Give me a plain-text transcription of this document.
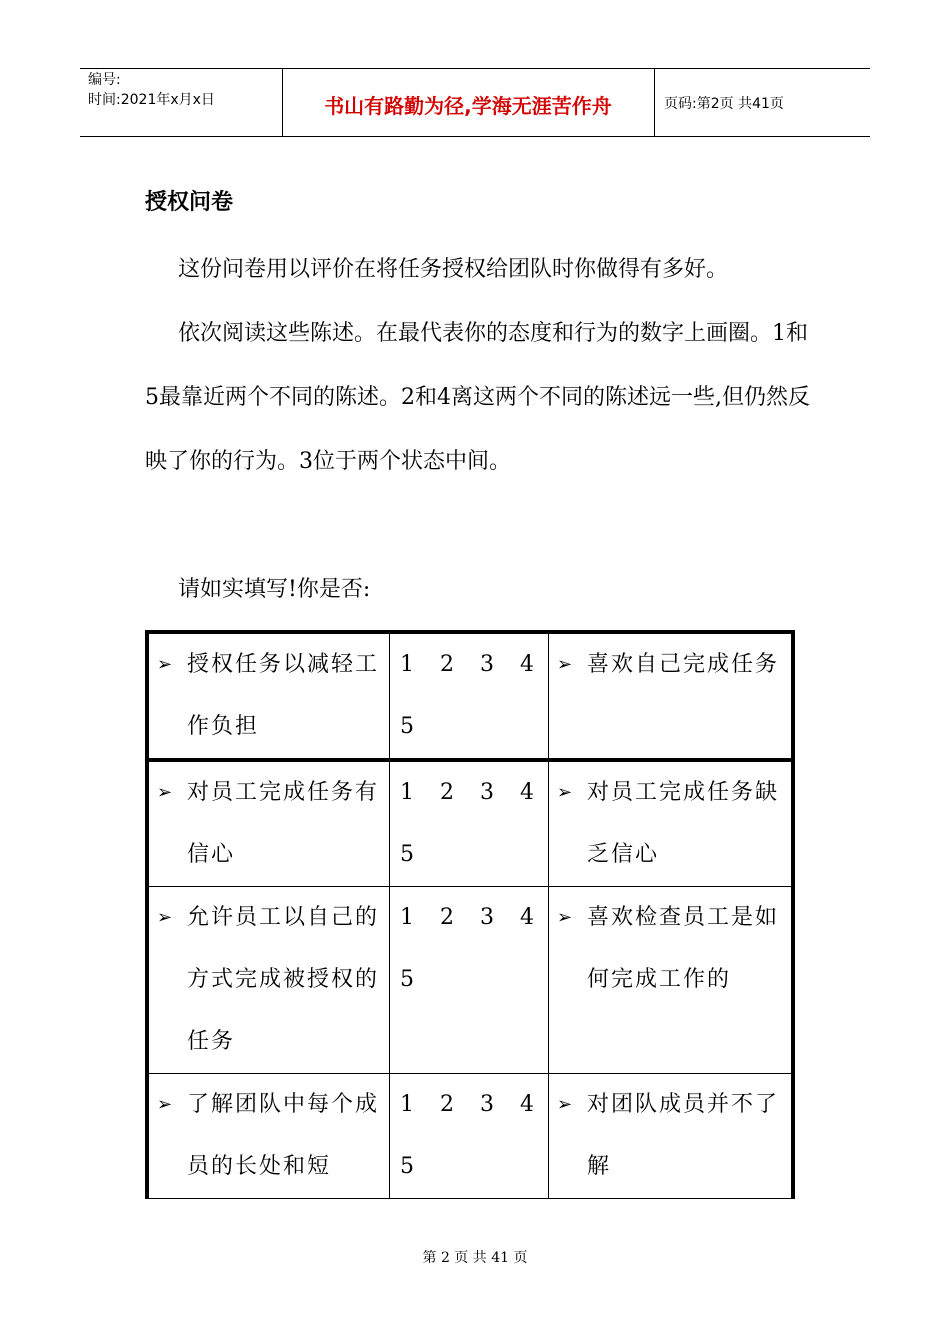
编号:
时间:2021年x月x日	书山有路勤为径,学海无涯苦作舟	页码:第2页 共41页
授权问卷

这份问卷用以评价在将任务授权给团队时你做得有多好。

依次阅读这些陈述。在最代表你的态度和行为的数字上画圈。1和5最靠近两个不同的陈述。2和4离这两个不同的陈述远一些,但仍然反映了你的行为。3位于两个状态中间。

请如实填写!你是否:

➢ 授权任务以减轻工作负担	1 2 3 45	➢ 喜欢自己完成任务

➢ 对员工完成任务有信心	1 2 3 45	➢ 对员工完成任务缺乏信心

➢ 允许员工以自己的方式完成被授权的任务	1 2 3 45	➢ 喜欢检查员工是如何完成工作的

➢ 了解团队中每个成员的长处和短	1 2 3 45	➢ 对团队成员并不了解
第 2 页 共 41 页
